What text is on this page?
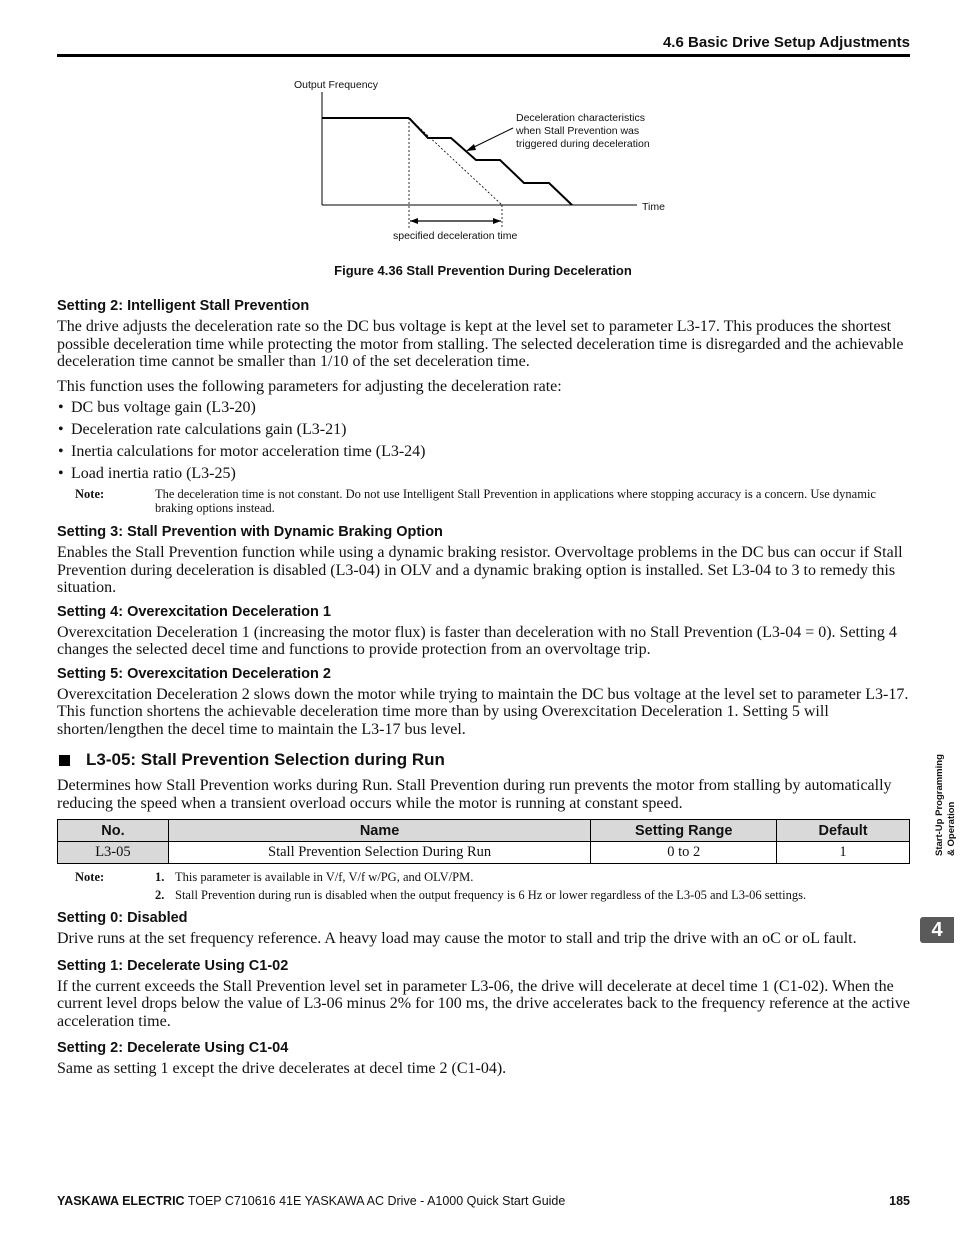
4.6 Basic Drive Setup Adjustments
Output Frequency
Time
Deceleration characteristics
when Stall Prevention was
triggered during deceleration
specified deceleration time
Figure 4.36 Stall Prevention During Deceleration
Setting 2: Intelligent Stall Prevention

The drive adjusts the deceleration rate so the DC bus voltage is kept at the level set to parameter L3-17. This produces the shortest possible deceleration time while protecting the motor from stalling. The selected deceleration time is disregarded and the achievable deceleration time cannot be smaller than 1/10 of the set deceleration time.

This function uses the following parameters for adjusting the deceleration rate:

• DC bus voltage gain (L3-20)
• Deceleration rate calculations gain (L3-21)
• Inertia calculations for motor acceleration time (L3-24)
• Load inertia ratio (L3-25)
Note:	The deceleration time is not constant. Do not use Intelligent Stall Prevention in applications where stopping accuracy is a concern. Use dynamic braking options instead.
Setting 3: Stall Prevention with Dynamic Braking Option

Enables the Stall Prevention function while using a dynamic braking resistor. Overvoltage problems in the DC bus can occur if Stall Prevention during deceleration is disabled (L3-04) in OLV and a dynamic braking option is installed. Set L3-04 to 3 to remedy this situation.

Setting 4: Overexcitation Deceleration 1

Overexcitation Deceleration 1 (increasing the motor flux) is faster than deceleration with no Stall Prevention (L3-04 = 0). Setting 4 changes the selected decel time and functions to provide protection from an overvoltage trip.

Setting 5: Overexcitation Deceleration 2

Overexcitation Deceleration 2 slows down the motor while trying to maintain the DC bus voltage at the level set to parameter L3-17. This function shortens the achievable deceleration time more than by using Overexcitation Deceleration 1. Setting 5 will shorten/lengthen the decel time to maintain the L3-17 bus level.

L3-05: Stall Prevention Selection during Run

Determines how Stall Prevention works during Run. Stall Prevention during run prevents the motor from stalling by automatically reducing the speed when a transient overload occurs while the motor is running at constant speed.

No.	Name	Setting Range	Default
L3-05	Stall Prevention Selection During Run	0 to 2	1
Note:	1. This parameter is available in V/f, V/f w/PG, and OLV/PM.
2. Stall Prevention during run is disabled when the output frequency is 6 Hz or lower regardless of the L3-05 and L3-06 settings.
Setting 0: Disabled

Drive runs at the set frequency reference. A heavy load may cause the motor to stall and trip the drive with an oC or oL fault.

Setting 1: Decelerate Using C1-02

If the current exceeds the Stall Prevention level set in parameter L3-06, the drive will decelerate at decel time 1 (C1-02). When the current level drops below the value of L3-06 minus 2% for 100 ms, the drive accelerates back to the frequency reference at the active acceleration time.

Setting 2: Decelerate Using C1-04

Same as setting 1 except the drive decelerates at decel time 2 (C1-04).

Start-Up Programming & Operation
4
YASKAWA ELECTRIC TOEP C710616 41E YASKAWA AC Drive - A1000 Quick Start Guide	185
